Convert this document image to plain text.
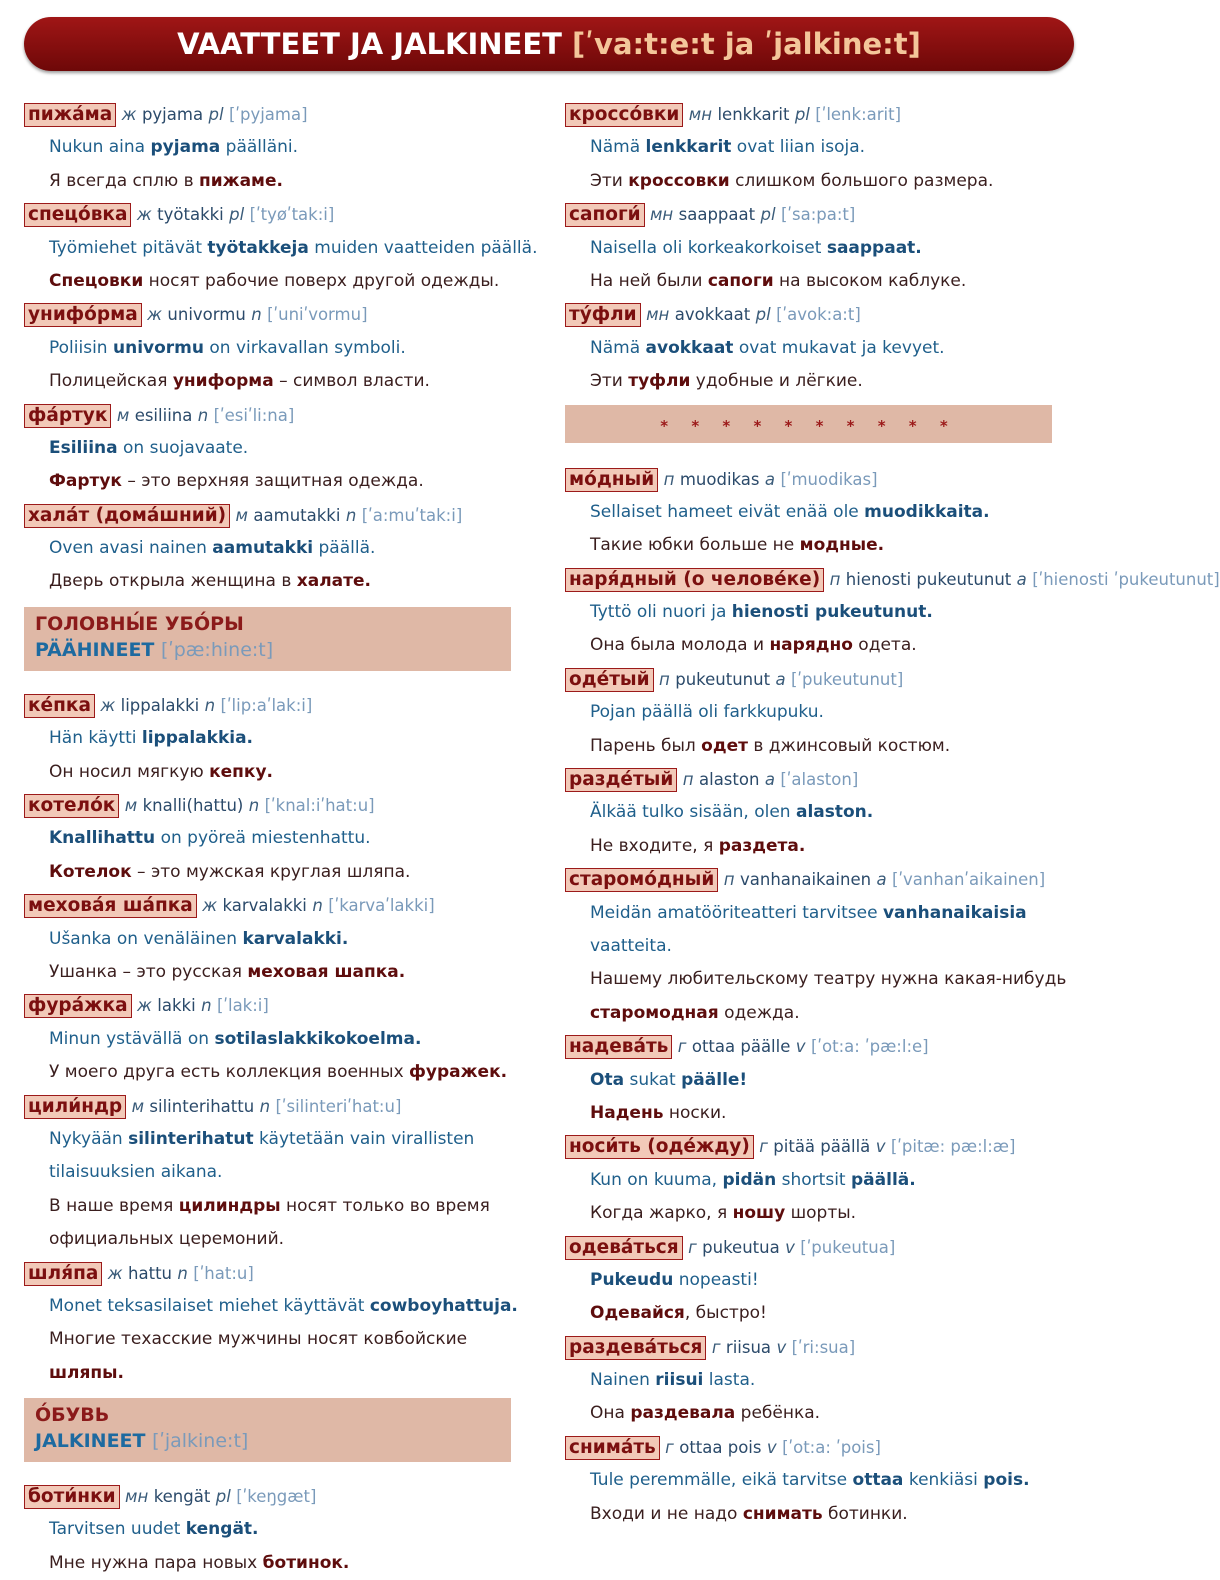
VAATTEET JA JALKINEET [ʹva:t:e:t ja ʹjalkine:t]
пижа́ма ж pyjama pl [ʹpyjama]
Nukun aina pyjama päälläni.
Я всегда сплю в пижаме.
спецо́вка ж työtakki pl [ʹtyøʹtak:i]
Työmiehet pitävät työtakkeja muiden vaatteiden päällä.
Спецовки носят рабочие поверх другой одежды.
унифо́рма ж univormu n [ʹuniʹvormu]
Poliisin univormu on virkavallan symboli.
Полицейская униформа – символ власти.
фа́ртук м esiliina n [ʹesiʹli:na]
Esiliina on suojavaate.
Фартук – это верхняя защитная одежда.
хала́т (дома́шний) м aamutakki n [ʹa:muʹtak:i]
Oven avasi nainen aamutakki päällä.
Дверь открыла женщина в халате.
ГОЛОВНЫ́Е УБО́РЫ
PÄÄHINEET [ʹpæ:hine:t]
ке́пка ж lippalakki n [ʹlip:aʹlak:i]
Hän käytti lippalakkia.
Он носил мягкую кепку.
котело́к м knalli(hattu) n [ʹknal:iʹhat:u]
Knallihattu on pyöreä miestenhattu.
Котелок – это мужская круглая шляпа.
мехова́я ша́пка ж karvalakki n [ʹkarvaʹlakki]
Ušanka on venäläinen karvalakki.
Ушанка – это русская меховая шапка.
фура́жка ж lakki n [ʹlak:i]
Minun ystävällä on sotilaslakkikokoelma.
У моего друга есть коллекция военных фуражек.
цили́ндр м silinterihattu n [ʹsilinteriʹhat:u]
Nykyään silinterihatut käytetään vain virallisten
tilaisuuksien aikana.
В наше время цилиндры носят только во время
официальных церемоний.
шля́па ж hattu n [ʹhat:u]
Monet teksasilaiset miehet käyttävät cowboyhattuja.
Многие техасские мужчины носят ковбойские
шляпы.
О́БУВЬ
JALKINEET [ʹjalkine:t]
боти́нки мн kengät pl [ʹkeŋgæt]
Tarvitsen uudet kengät.
Мне нужна пара новых ботинок.
кроссо́вки мн lenkkarit pl [ʹlenk:arit]
Nämä lenkkarit ovat liian isoja.
Эти кроссовки слишком большого размера.
сапоги́ мн saappaat pl [ʹsa:pa:t]
Naisella oli korkeakorkoiset saappaat.
На ней были сапоги на высоком каблуке.
ту́фли мн avokkaat pl [ʹavok:a:t]
Nämä avokkaat ovat mukavat ja kevyet.
Эти туфли удобные и лёгкие.
* * * * * * * * * *
мо́дный п muodikas a [ʹmuodikas]
Sellaiset hameet eivät enää ole muodikkaita.
Такие юбки больше не модные.
наря́дный (о челове́ке) п hienosti pukeutunut a [ʹhienosti ʹpukeutunut]
Tyttö oli nuori ja hienosti pukeutunut.
Она была молода и нарядно одета.
оде́тый п pukeutunut a [ʹpukeutunut]
Pojan päällä oli farkkupuku.
Парень был одет в джинсовый костюм.
разде́тый п alaston a [ʹalaston]
Älkää tulko sisään, olen alaston.
Не входите, я раздета.
старомо́дный п vanhanaikainen a [ʹvanhanʹaikainen]
Meidän amatööriteatteri tarvitsee vanhanaikaisia
vaatteita.
Нашему любительскому театру нужна какая-нибудь
старомодная одежда.
надева́ть г ottaa päälle v [ʹot:a: ʹpæ:l:e]
Ota sukat päälle!
Надень носки.
носи́ть (оде́жду) г pitää päällä v [ʹpitæ: pæ:l:æ]
Kun on kuuma, pidän shortsit päällä.
Когда жарко, я ношу шорты.
одева́ться г pukeutua v [ʹpukeutua]
Pukeudu nopeasti!
Одевайся, быстро!
раздева́ться г riisua v [ʹri:sua]
Nainen riisui lasta.
Она раздевала ребёнка.
снима́ть г ottaa pois v [ʹot:a: ʹpois]
Tule peremmälle, eikä tarvitse ottaa kenkiäsi pois.
Входи и не надо снимать ботинки.
